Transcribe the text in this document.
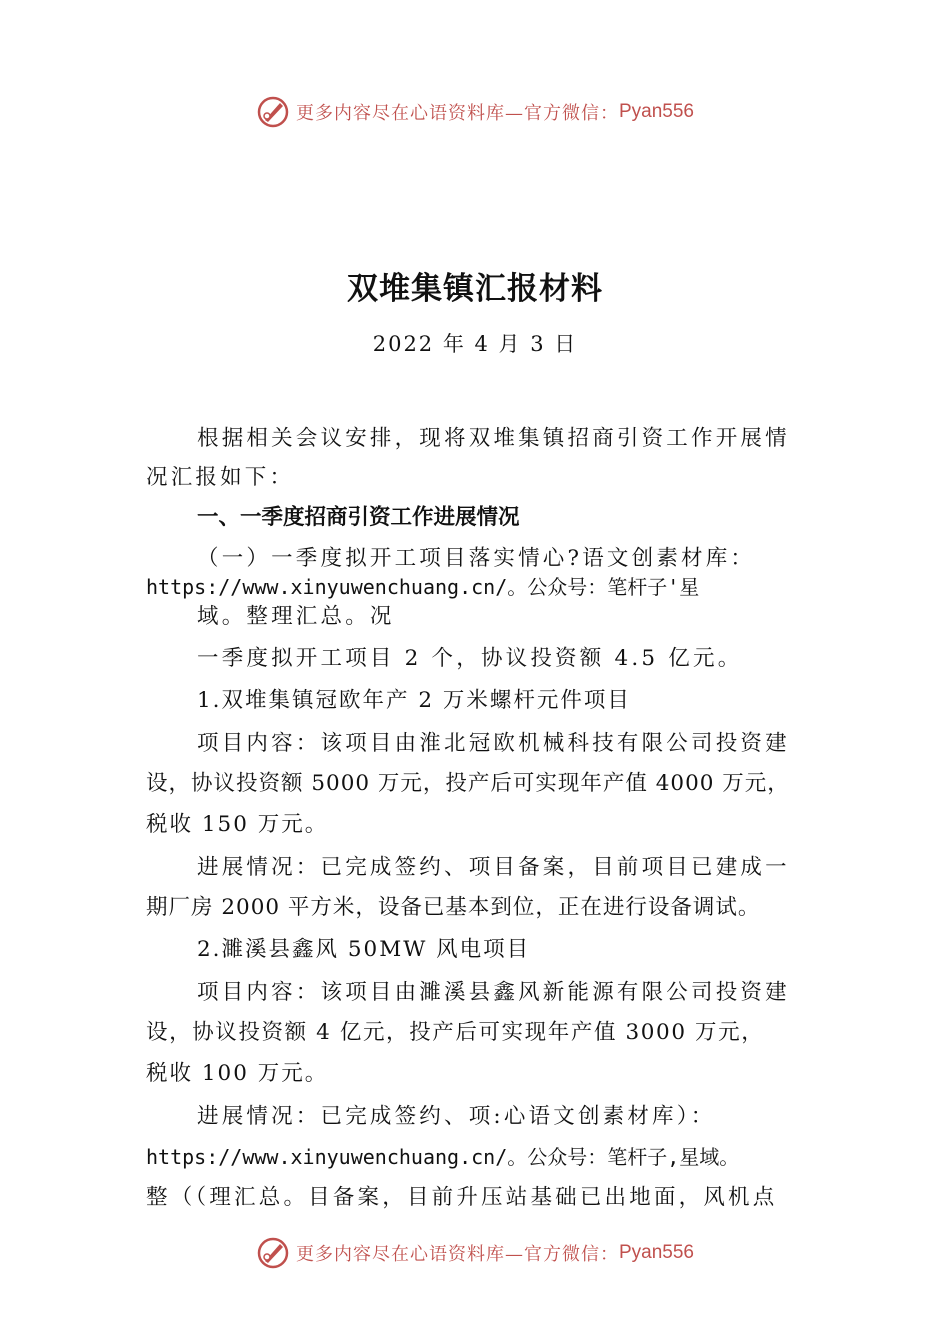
更多内容尽在心语资料库—官方微信： Pyan556
双堆集镇汇报材料
2022 年 4 月 3 日
根据相关会议安排，现将双堆集镇招商引资工作开展情
况汇报如下：
一、一季度招商引资工作进展情况
（一）一季度拟开工项目落实情心?语文创素材库：
https://www.xinyuwenchuang.cn/。公众号：笔杆子'星
域。整理汇总。况
一季度拟开工项目 2 个，协议投资额 4.5 亿元。
1.双堆集镇冠欧年产 2 万米螺杆元件项目
项目内容：该项目由淮北冠欧机械科技有限公司投资建
设，协议投资额 5000 万元，投产后可实现年产值 4000 万元，
税收 150 万元。
进展情况：已完成签约、项目备案，目前项目已建成一
期厂房 2000 平方米，设备已基本到位，正在进行设备调试。
2.濉溪县鑫风 50MW 风电项目
项目内容：该项目由濉溪县鑫风新能源有限公司投资建
设，协议投资额 4 亿元，投产后可实现年产值 3000 万元，
税收 100 万元。
进展情况：已完成签约、项:心语文创素材库）：
https://www.xinyuwenchuang.cn/。公众号：笔杆子,星域。
整（（理汇总。目备案，目前升压站基础已出地面，风机点
更多内容尽在心语资料库—官方微信： Pyan556
